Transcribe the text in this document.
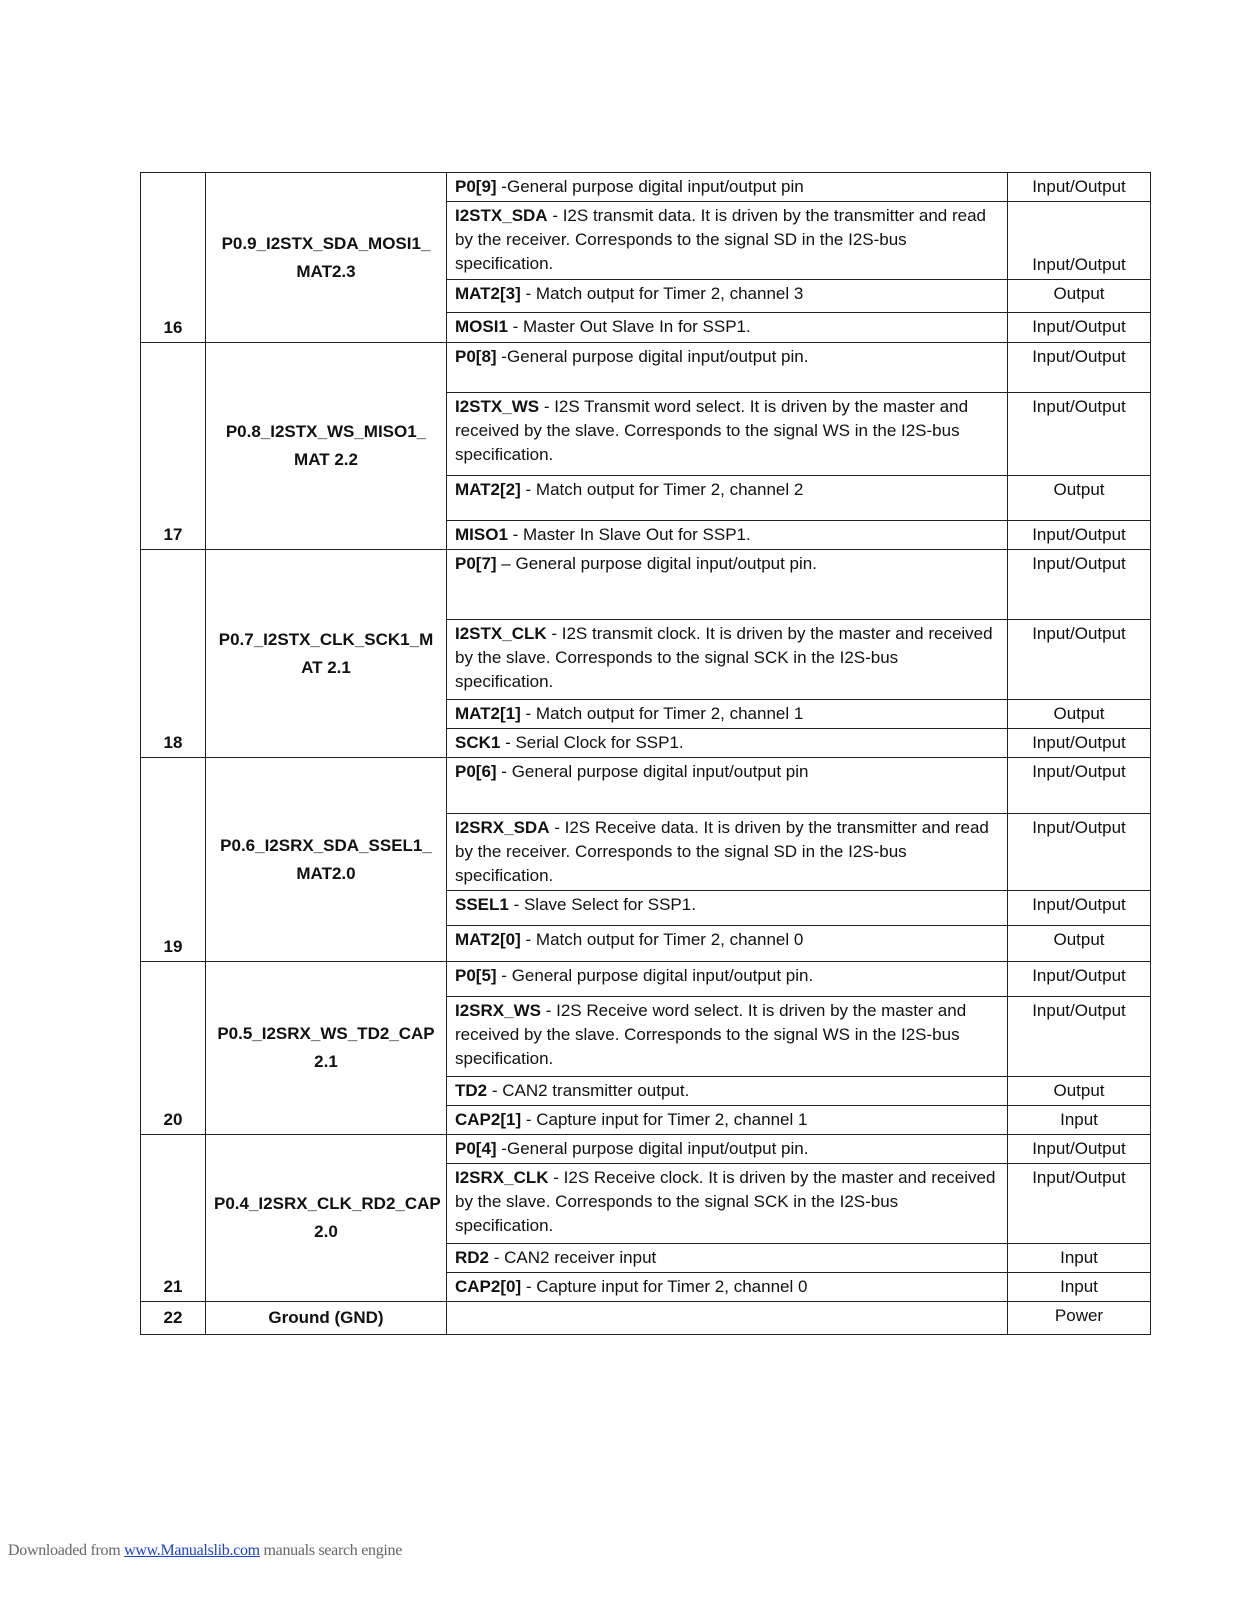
16	P0.9_I2STX_SDA_MOSI1_ MAT2.3	P0[9] -General purpose digital input/output pin	Input/Output
		I2STX_SDA - I2S transmit data. It is driven by the transmitter and read by the receiver. Corresponds to the signal SD in the I2S-bus specification.	Input/Output
		MAT2[3] - Match output for Timer 2, channel 3	Output
		MOSI1 - Master Out Slave In for SSP1.	Input/Output
17	P0.8_I2STX_WS_MISO1_ MAT 2.2	P0[8] -General purpose digital input/output pin.	Input/Output
		I2STX_WS - I2S Transmit word select. It is driven by the master and received by the slave. Corresponds to the signal WS in the I2S-bus specification.	Input/Output
		MAT2[2] - Match output for Timer 2, channel 2	Output
		MISO1 - Master In Slave Out for SSP1.	Input/Output
18	P0.7_I2STX_CLK_SCK1_M AT 2.1	P0[7] – General purpose digital input/output pin.	Input/Output
		I2STX_CLK - I2S transmit clock. It is driven by the master and received by the slave. Corresponds to the signal SCK in the I2S-bus specification.	Input/Output
		MAT2[1] - Match output for Timer 2, channel 1	Output
		SCK1 - Serial Clock for SSP1.	Input/Output
19	P0.6_I2SRX_SDA_SSEL1_ MAT2.0	P0[6] - General purpose digital input/output pin	Input/Output
		I2SRX_SDA - I2S Receive data. It is driven by the transmitter and read by the receiver. Corresponds to the signal SD in the I2S-bus specification.	Input/Output
		SSEL1 - Slave Select for SSP1.	Input/Output
		MAT2[0] - Match output for Timer 2, channel 0	Output
20	P0.5_I2SRX_WS_TD2_CAP 2.1	P0[5] - General purpose digital input/output pin.	Input/Output
		I2SRX_WS - I2S Receive word select. It is driven by the master and received by the slave. Corresponds to the signal WS in the I2S-bus specification.	Input/Output
		TD2 - CAN2 transmitter output.	Output
		CAP2[1] - Capture input for Timer 2, channel 1	Input
21	P0.4_I2SRX_CLK_RD2_CAP 2.0	P0[4] -General purpose digital input/output pin.	Input/Output
		I2SRX_CLK - I2S Receive clock. It is driven by the master and received by the slave. Corresponds to the signal SCK in the I2S-bus specification.	Input/Output
		RD2 - CAN2 receiver input	Input
		CAP2[0] - Capture input for Timer 2, channel 0	Input
22	Ground (GND)		Power
Downloaded from www.Manualslib.com manuals search engine
